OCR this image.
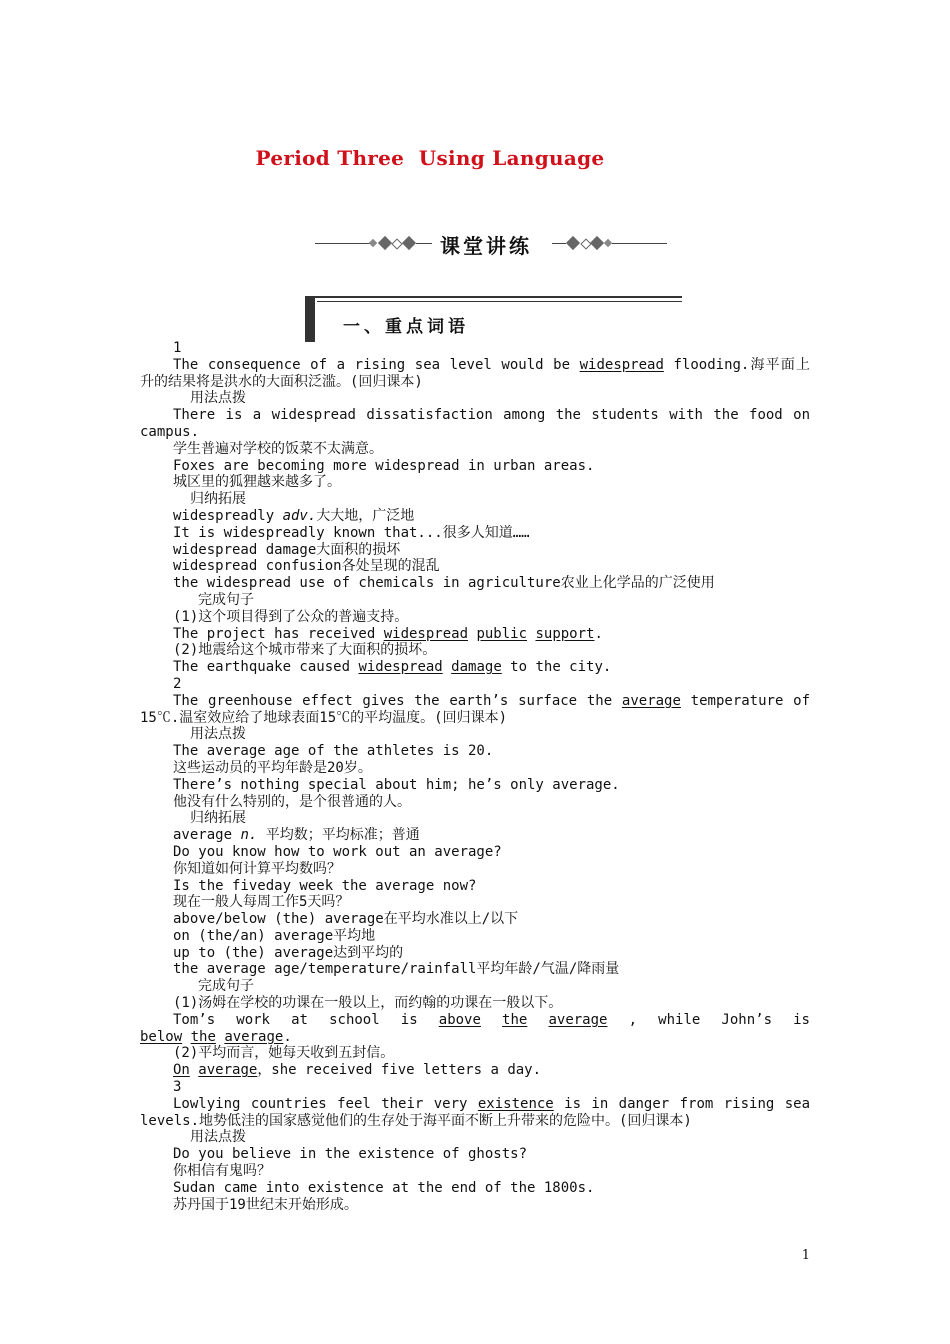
Period Three  Using Language
课堂讲练
一、重点词语

1

The consequence of a rising sea level would be widespread flooding.海平面上

升的结果将是洪水的大面积泛滥。(回归课本)

用法点拨

There is a widespread dissatisfaction among the students with the food on

campus.

学生普遍对学校的饭菜不太满意。

Foxes are becoming more widespread in urban areas.

城区里的狐狸越来越多了。

归纳拓展

widespreadly adv.大大地，广泛地

It is widespreadly known that...很多人知道……

widespread damage大面积的损坏

widespread confusion各处呈现的混乱

the widespread use of chemicals in agriculture农业上化学品的广泛使用

完成句子

(1)这个项目得到了公众的普遍支持。

The project has received widespread public support.

(2)地震给这个城市带来了大面积的损坏。

The earthquake caused widespread damage to the city.

2

The greenhouse effect gives the earth’s surface the average temperature of

15℃.温室效应给了地球表面15℃的平均温度。(回归课本)

用法点拨

The average age of the athletes is 20.

这些运动员的平均年龄是20岁。

There’s nothing special about him; he’s only average.

他没有什么特别的，是个很普通的人。

归纳拓展

average n. 平均数；平均标准；普通

Do you know how to work out an average?

你知道如何计算平均数吗？

Is the fiveday week the average now?

现在一般人每周工作5天吗？

above/below (the) average在平均水准以上/以下

on (the/an) average平均地

up to (the) average达到平均的

the average age/temperature/rainfall平均年龄/气温/降雨量

完成句子

(1)汤姆在学校的功课在一般以上，而约翰的功课在一般以下。

Tom’s work at school is above the average , while John’s is

below the average.

(2)平均而言，她每天收到五封信。

On average，she received five letters a day.

3

Lowlying countries feel their very existence is in danger from rising sea

levels.地势低洼的国家感觉他们的生存处于海平面不断上升带来的危险中。(回归课本)

用法点拨

Do you believe in the existence of ghosts?

你相信有鬼吗？

Sudan came into existence at the end of the 1800s.

苏丹国于19世纪末开始形成。

1
